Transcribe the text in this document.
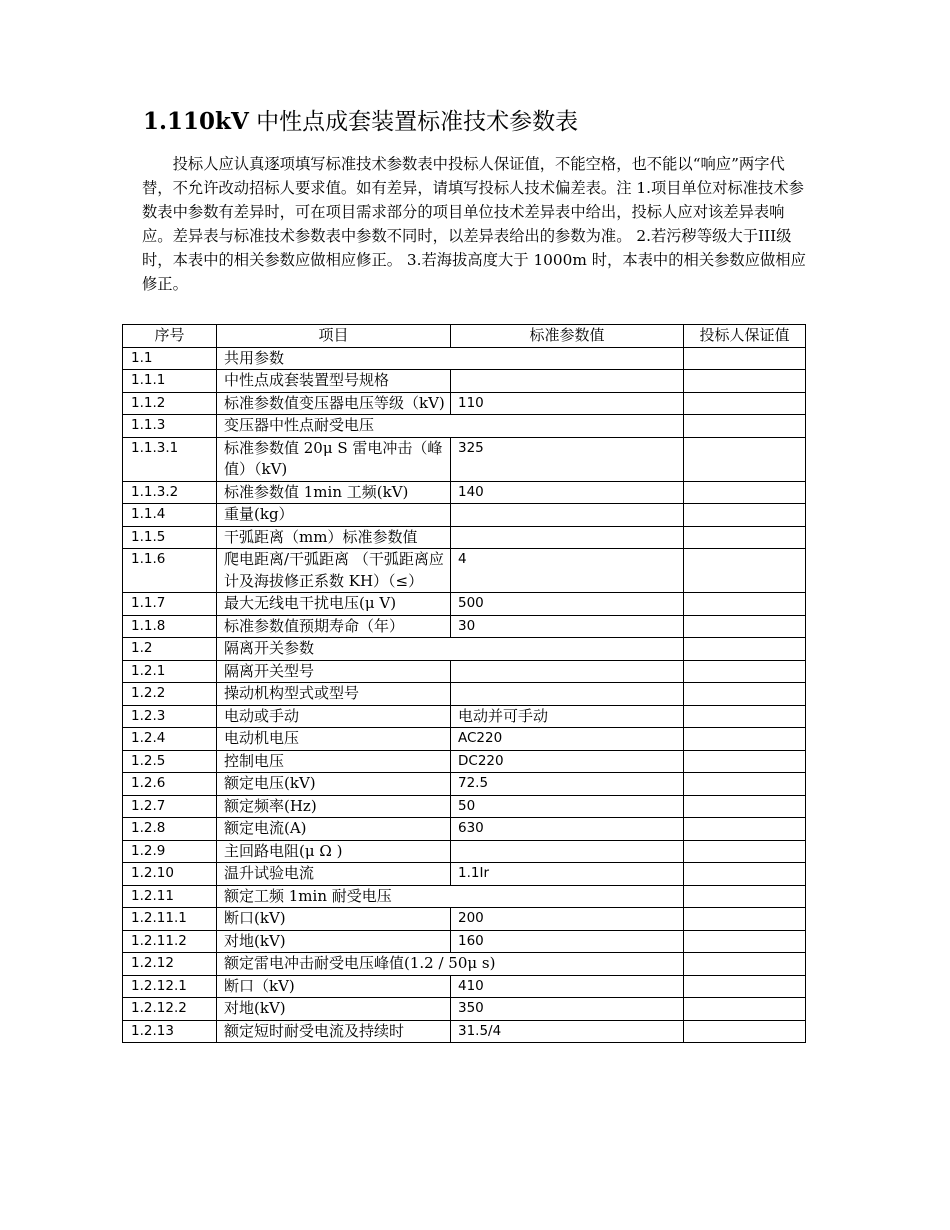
1.110kV 中性点成套装置标准技术参数表

投标人应认真逐项填写标准技术参数表中投标人保证值，不能空格，也不能以“响应”两字代替，不允许改动招标人要求值。如有差异，请填写投标人技术偏差表。注 1.项目单位对标准技术参数表中参数有差异时，可在项目需求部分的项目单位技术差异表中给出，投标人应对该差异表响应。差异表与标准技术参数表中参数不同时，以差异表给出的参数为准。 2.若污秽等级大于III级时，本表中的相关参数应做相应修正。 3.若海拔高度大于 1000m 时，本表中的相关参数应做相应修正。

序号	项目	标准参数值	投标人保证值
1.1	共用参数		
1.1.1	中性点成套装置型号规格		
1.1.2	标准参数值变压器电压等级（kV)	110	
1.1.3	变压器中性点耐受电压		
1.1.3.1	标准参数值 20μ S 雷电冲击（峰值）（kV)	325	
1.1.3.2	标准参数值 1min 工频(kV)	140	
1.1.4	重量(kg）		
1.1.5	干弧距离（mm）标准参数值		
1.1.6	爬电距离/干弧距离 （干弧距离应计及海拔修正系数 KH）（≤）	4	
1.1.7	最大无线电干扰电压(μ V)	500	
1.1.8	标准参数值预期寿命（年）	30	
1.2	隔离开关参数		
1.2.1	隔离开关型号		
1.2.2	操动机构型式或型号		
1.2.3	电动或手动	电动并可手动	
1.2.4	电动机电压	AC220	
1.2.5	控制电压	DC220	
1.2.6	额定电压(kV)	72.5	
1.2.7	额定频率(Hz)	50	
1.2.8	额定电流(A)	630	
1.2.9	主回路电阻(μ Ω )		
1.2.10	温升试验电流	1.1Ir	
1.2.11	额定工频 1min 耐受电压		
1.2.11.1	断口(kV)	200	
1.2.11.2	对地(kV)	160	
1.2.12	额定雷电冲击耐受电压峰值(1.2 / 50μ s)		
1.2.12.1	断口（kV)	410	
1.2.12.2	对地(kV)	350	
1.2.13	额定短时耐受电流及持续时	31.5/4	
